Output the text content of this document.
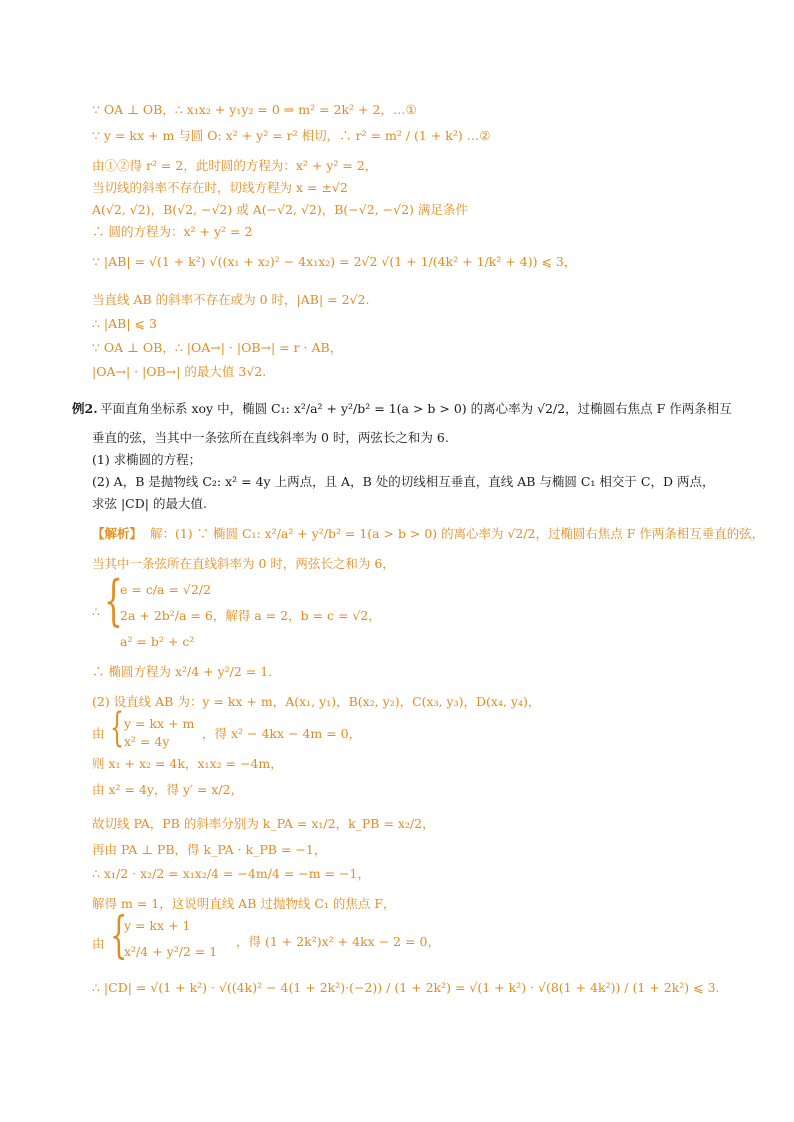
∵ OA ⊥ OB，∴ x₁x₂ + y₁y₂ = 0 ⇒ m² = 2k² + 2，…①
∵ y = kx + m 与圆 O: x² + y² = r² 相切，∴ r² = m² / (1 + k²) …②
由①②得 r² = 2，此时圆的方程为：x² + y² = 2，
当切线的斜率不存在时，切线方程为 x = ±√2
A(√2, √2)，B(√2, −√2) 或 A(−√2, √2)，B(−√2, −√2) 满足条件
∴ 圆的方程为：x² + y² = 2
∵ |AB| = √(1 + k²) √((x₁ + x₂)² − 4x₁x₂) = 2√2 √(1 + 1/(4k² + 1/k² + 4)) ⩽ 3，
当直线 AB 的斜率不存在或为 0 时，|AB| = 2√2.
∴ |AB| ⩽ 3
∵ OA ⊥ OB，∴ |OA→| · |OB→| = r · AB，
|OA→| · |OB→| 的最大值 3√2.
例2. 平面直角坐标系 xoy 中，椭圆 C₁: x²/a² + y²/b² = 1(a > b > 0) 的离心率为 √2/2，过椭圆右焦点 F 作两条相互
垂直的弦，当其中一条弦所在直线斜率为 0 时，两弦长之和为 6.
(1) 求椭圆的方程；
(2) A，B 是抛物线 C₂: x² = 4y 上两点，且 A，B 处的切线相互垂直，直线 AB 与椭圆 C₁ 相交于 C，D 两点，
求弦 |CD| 的最大值.
【解析】 解：(1) ∵ 椭圆 C₁: x²/a² + y²/b² = 1(a > b > 0) 的离心率为 √2/2，过椭圆右焦点 F 作两条相互垂直的弦，
当其中一条弦所在直线斜率为 0 时，两弦长之和为 6，
∴ {
e = c/a = √2/2
2a + 2b²/a = 6，解得 a = 2，b = c = √2，
a² = b² + c²
∴ 椭圆方程为 x²/4 + y²/2 = 1.
(2) 设直线 AB 为：y = kx + m，A(x₁, y₁)，B(x₂, y₂)，C(x₃, y₃)，D(x₄, y₄)，
由 { y = kx + m
x² = 4y
，得 x² − 4kx − 4m = 0，
则 x₁ + x₂ = 4k，x₁x₂ = −4m，
由 x² = 4y，得 y′ = x/2，
故切线 PA，PB 的斜率分别为 k_PA = x₁/2，k_PB = x₂/2，
再由 PA ⊥ PB，得 k_PA · k_PB = −1，
∴ x₁/2 · x₂/2 = x₁x₂/4 = −4m/4 = −m = −1，
解得 m = 1，这说明直线 AB 过抛物线 C₁ 的焦点 F，
由 {
y = kx + 1
x²/4 + y²/2 = 1
，得 (1 + 2k²)x² + 4kx − 2 = 0，
∴ |CD| = √(1 + k²) · √((4k)² − 4(1 + 2k²)·(−2)) / (1 + 2k²) = √(1 + k²) · √(8(1 + 4k²)) / (1 + 2k²) ⩽ 3.
